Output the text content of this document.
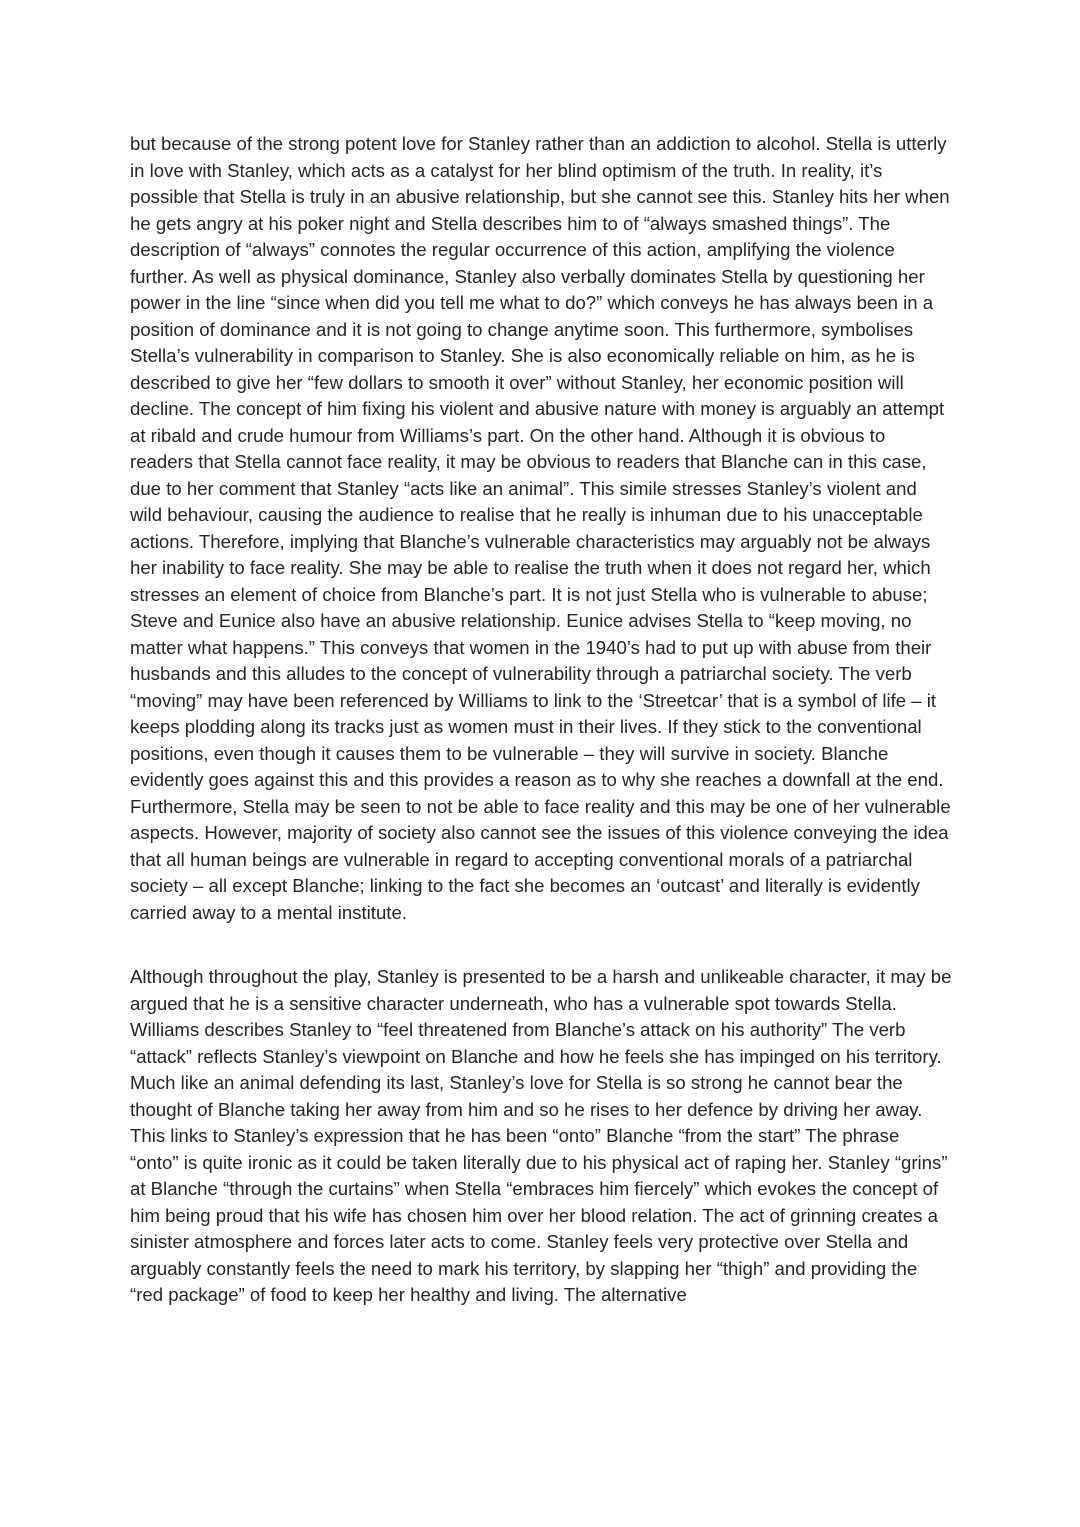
but because of the strong potent love for Stanley rather than an addiction to alcohol. Stella is utterly in love with Stanley, which acts as a catalyst for her blind optimism of the truth. In reality, it’s possible that Stella is truly in an abusive relationship, but she cannot see this. Stanley hits her when he gets angry at his poker night and Stella describes him to of “always smashed things”. The description of “always” connotes the regular occurrence of this action, amplifying the violence further. As well as physical dominance, Stanley also verbally dominates Stella by questioning her power in the line “since when did you tell me what to do?” which conveys he has always been in a position of dominance and it is not going to change anytime soon. This furthermore, symbolises Stella’s vulnerability in comparison to Stanley. She is also economically reliable on him, as he is described to give her “few dollars to smooth it over” without Stanley, her economic position will decline. The concept of him fixing his violent and abusive nature with money is arguably an attempt at ribald and crude humour from Williams’s part. On the other hand. Although it is obvious to readers that Stella cannot face reality, it may be obvious to readers that Blanche can in this case, due to her comment that Stanley “acts like an animal”. This simile stresses Stanley’s violent and wild behaviour, causing the audience to realise that he really is inhuman due to his unacceptable actions. Therefore, implying that Blanche’s vulnerable characteristics may arguably not be always her inability to face reality. She may be able to realise the truth when it does not regard her, which stresses an element of choice from Blanche’s part. It is not just Stella who is vulnerable to abuse; Steve and Eunice also have an abusive relationship. Eunice advises Stella to “keep moving, no matter what happens.” This conveys that women in the 1940’s had to put up with abuse from their husbands and this alludes to the concept of vulnerability through a patriarchal society. The verb “moving” may have been referenced by Williams to link to the ‘Streetcar’ that is a symbol of life – it keeps plodding along its tracks just as women must in their lives. If they stick to the conventional positions, even though it causes them to be vulnerable – they will survive in society. Blanche evidently goes against this and this provides a reason as to why she reaches a downfall at the end. Furthermore, Stella may be seen to not be able to face reality and this may be one of her vulnerable aspects. However, majority of society also cannot see the issues of this violence conveying the idea that all human beings are vulnerable in regard to accepting conventional morals of a patriarchal society – all except Blanche; linking to the fact she becomes an ‘outcast’ and literally is evidently carried away to a mental institute.

Although throughout the play, Stanley is presented to be a harsh and unlikeable character, it may be argued that he is a sensitive character underneath, who has a vulnerable spot towards Stella. Williams describes Stanley to “feel threatened from Blanche’s attack on his authority” The verb “attack” reflects Stanley’s viewpoint on Blanche and how he feels she has impinged on his territory. Much like an animal defending its last, Stanley’s love for Stella is so strong he cannot bear the thought of Blanche taking her away from him and so he rises to her defence by driving her away. This links to Stanley’s expression that he has been “onto” Blanche “from the start” The phrase “onto” is quite ironic as it could be taken literally due to his physical act of raping her. Stanley “grins” at Blanche “through the curtains” when Stella “embraces him fiercely” which evokes the concept of him being proud that his wife has chosen him over her blood relation. The act of grinning creates a sinister atmosphere and forces later acts to come. Stanley feels very protective over Stella and arguably constantly feels the need to mark his territory, by slapping her “thigh” and providing the “red package” of food to keep her healthy and living. The alternative
